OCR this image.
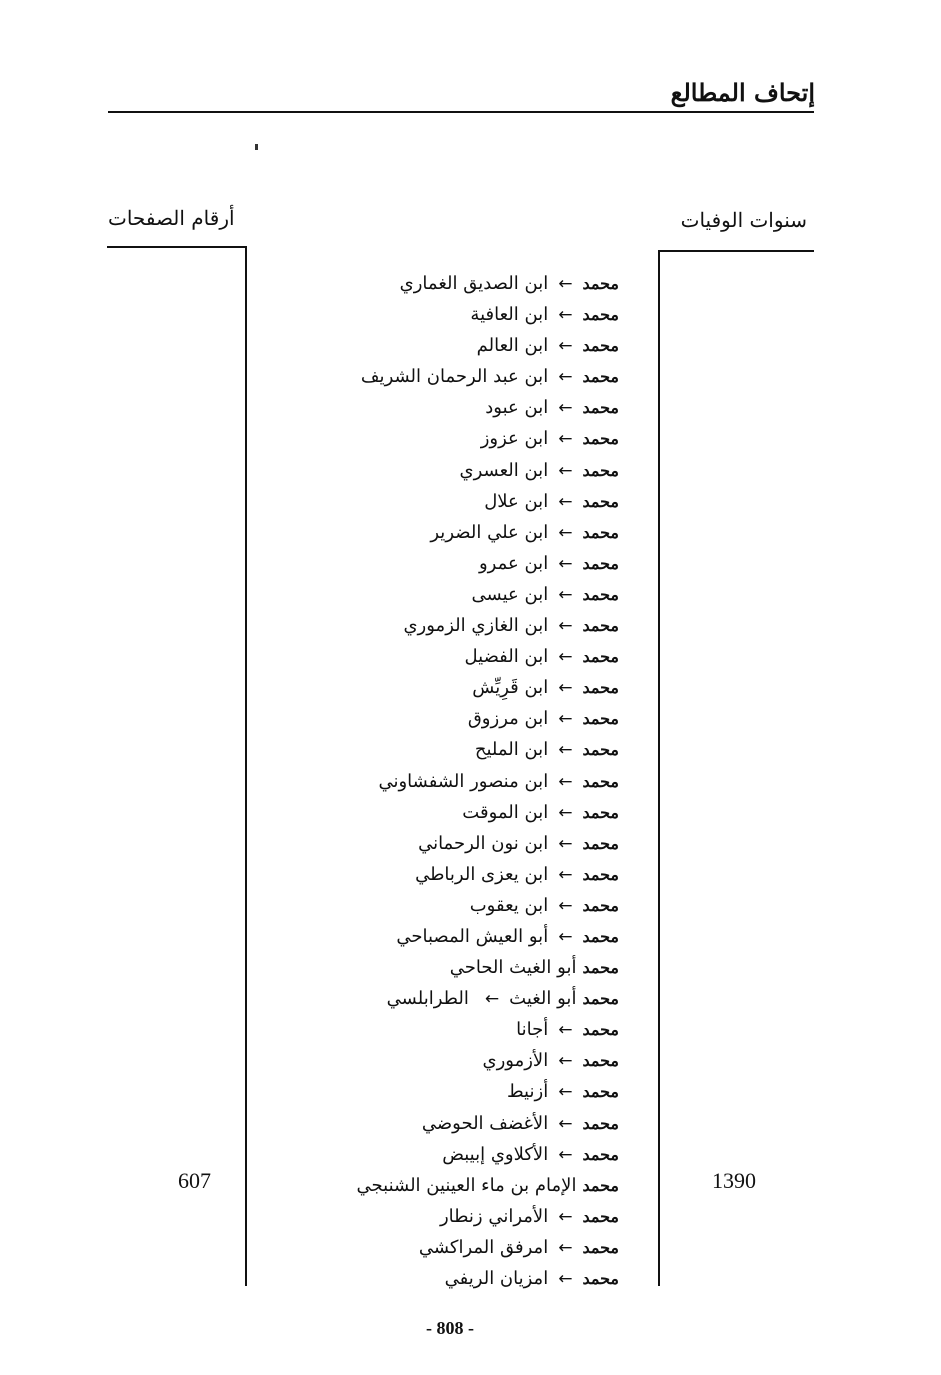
إتحاف المطالع
سنوات الوفيات
أرقام الصفحات
محمد←ابن الصديق الغماري
محمد←ابن العافية
محمد←ابن العالم
محمد←ابن عبد الرحمان الشريف
محمد←ابن عبود
محمد←ابن عزوز
محمد←ابن العسري
محمد←ابن علال
محمد←ابن علي الضرير
محمد←ابن عمرو
محمد←ابن عيسى
محمد←ابن الغازي الزموري
محمد←ابن الفضيل
محمد←ابن قَرِيِّش
محمد←ابن مرزوق
محمد←ابن المليح
محمد←ابن منصور الشفشاوني
محمد←ابن الموقت
محمد←ابن نون الرحماني
محمد←ابن يعزى الرباطي
محمد←ابن يعقوب
محمد←أبو العيش المصباحي
محمدأبو الغيث الحاحي
محمدأبو الغيث←الطرابلسي
محمد←أجانا
محمد←الأزموري
محمد←أزنيط
محمد←الأغضف الحوضي
محمد←الأكلاوي إبيبض
محمدالإمام بن ماء العينين الشنبجي
محمد←الأمراني زنطار
محمد←امرفق المراكشي
محمد←امزيان الريفي
1390
607
- 808 -
